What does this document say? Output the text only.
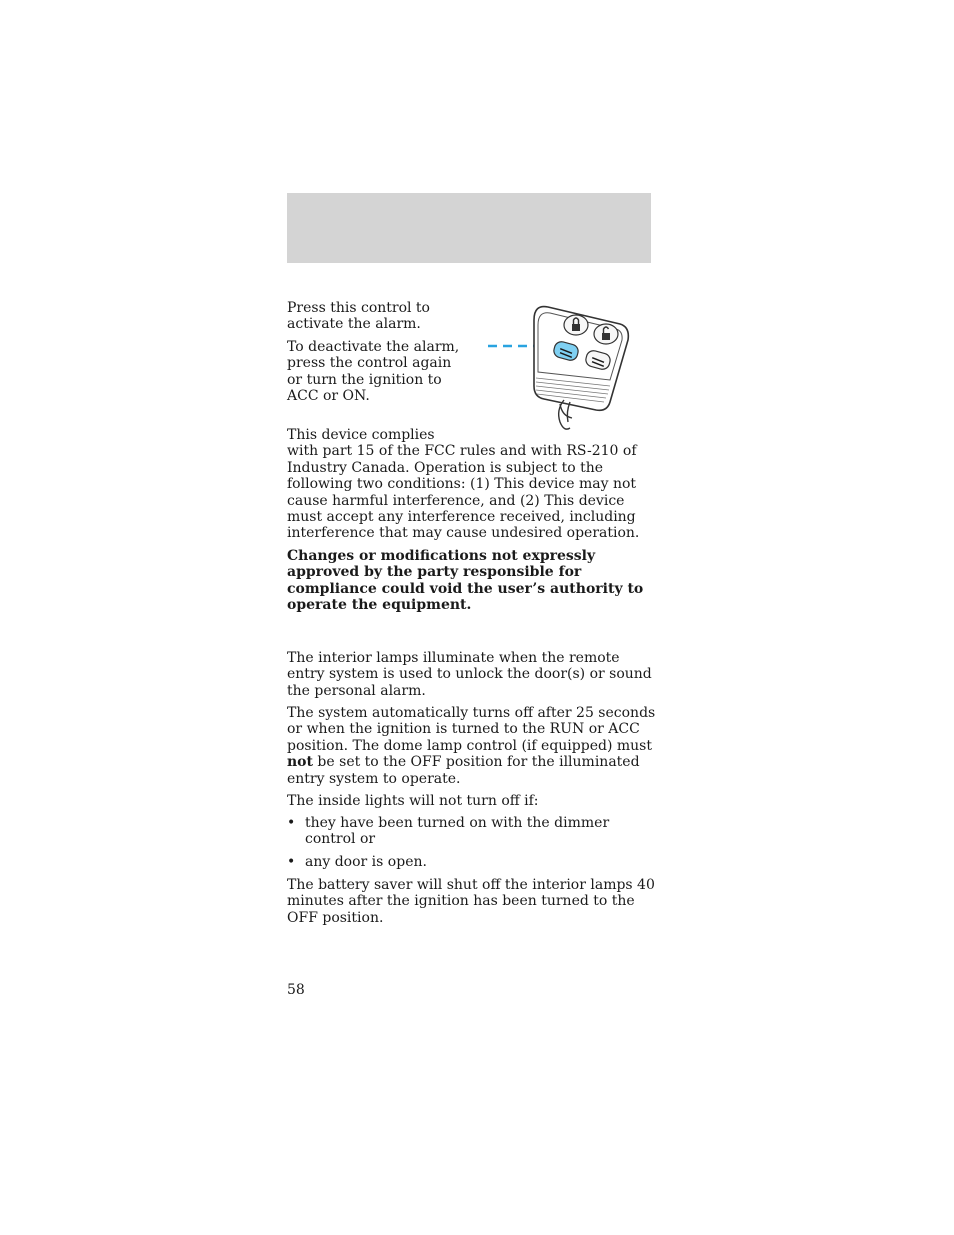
Press this control to activate the alarm.

To deactivate the alarm, press the control again or turn the ignition to ACC or ON.

This device complies

with part 15 of the FCC rules and with RS-210 of Industry Canada. Operation is subject to the following two conditions: (1) This device may not cause harmful interference, and (2) This device must accept any interference received, including interference that may cause undesired operation.

Changes or modifications not expressly approved by the party responsible for compliance could void the user’s authority to operate the equipment.

The interior lamps illuminate when the remote entry system is used to unlock the door(s) or sound the personal alarm.

The system automatically turns off after 25 seconds or when the ignition is turned to the RUN or ACC position. The dome lamp control (if equipped) must not be set to the OFF position for the illuminated entry system to operate.

The inside lights will not turn off if:

• they have been turned on with the dimmer control or
• any door is open.

The battery saver will shut off the interior lamps 40 minutes after the ignition has been turned to the OFF position.

58
